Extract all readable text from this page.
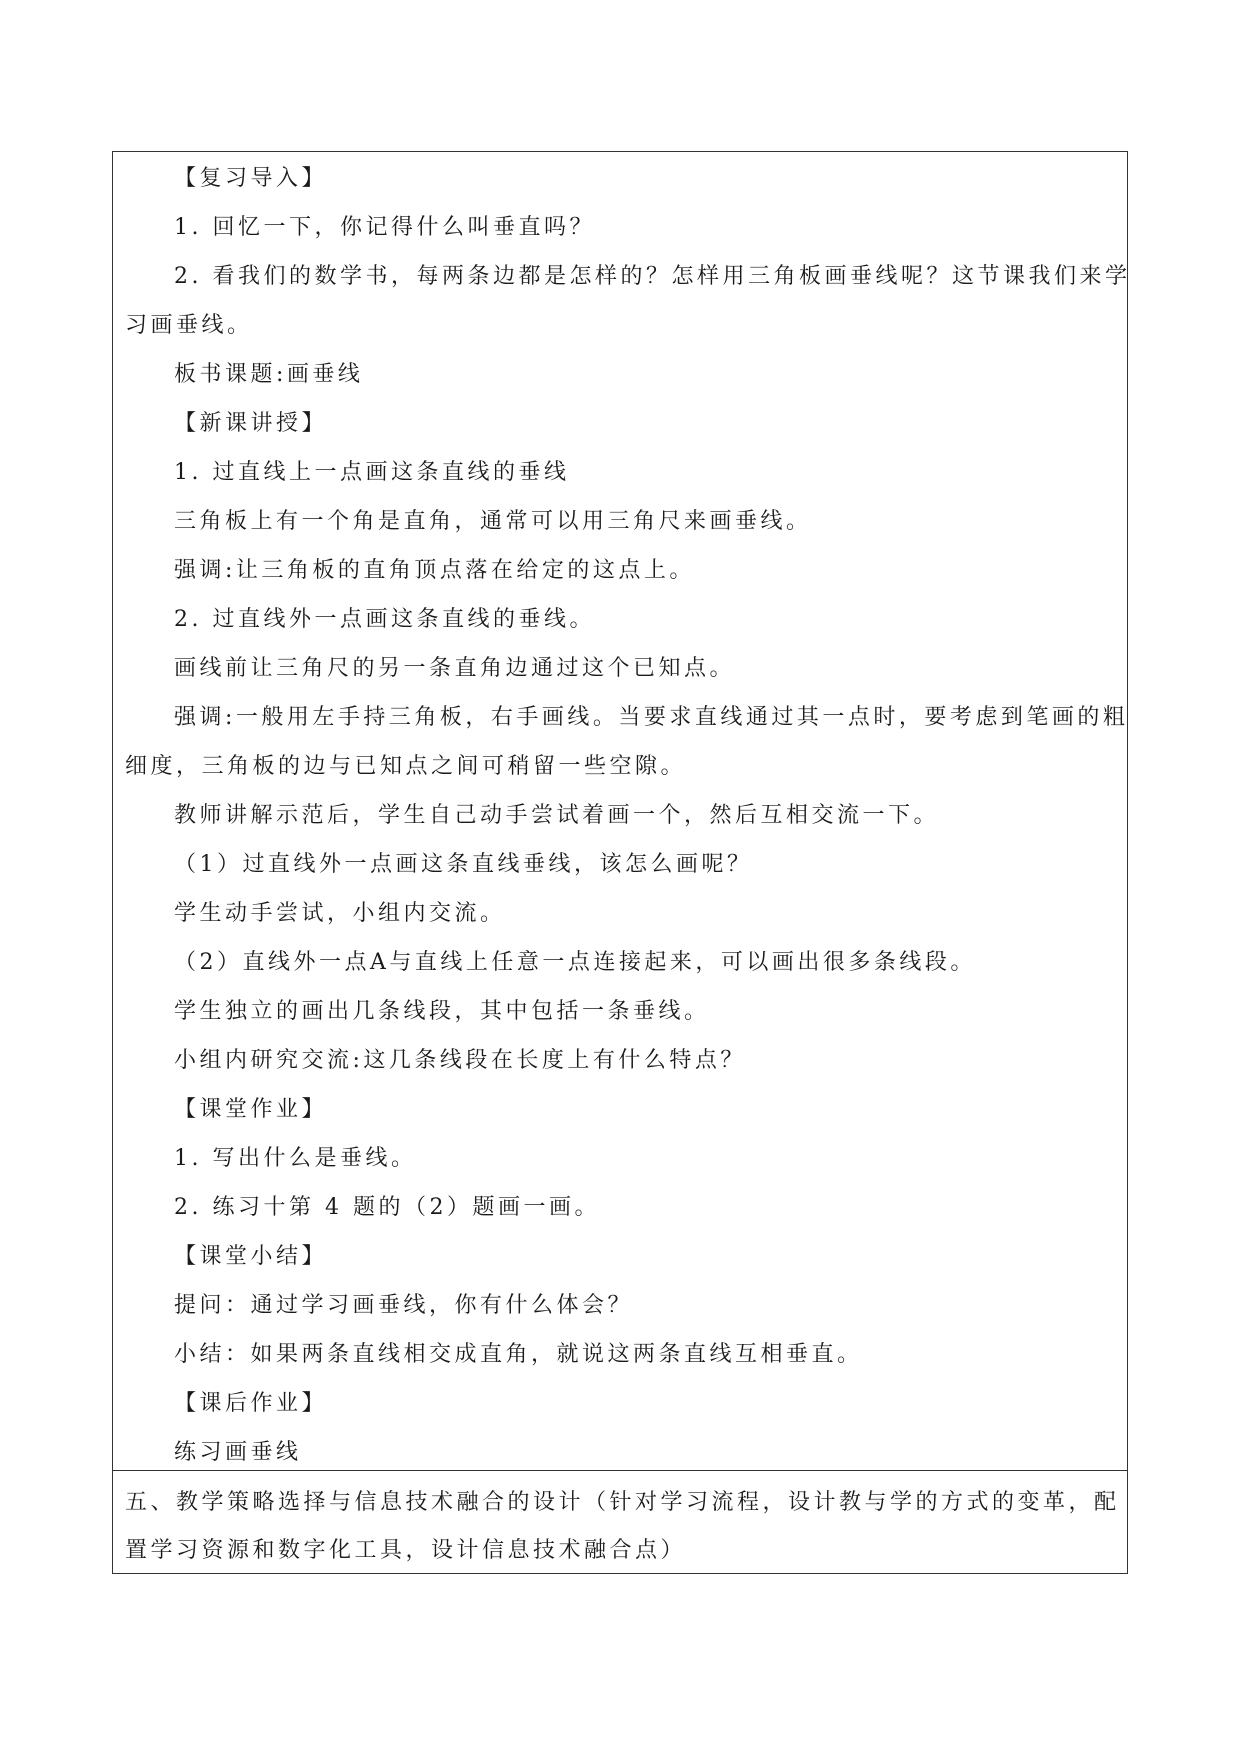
【复习导入】
1. 回忆一下，你记得什么叫垂直吗？
2. 看我们的数学书，每两条边都是怎样的？怎样用三角板画垂线呢？这节课我们来学
习画垂线。
板书课题:画垂线
【新课讲授】
1. 过直线上一点画这条直线的垂线
三角板上有一个角是直角，通常可以用三角尺来画垂线。
强调:让三角板的直角顶点落在给定的这点上。
2. 过直线外一点画这条直线的垂线。
画线前让三角尺的另一条直角边通过这个已知点。
强调:一般用左手持三角板，右手画线。当要求直线通过其一点时，要考虑到笔画的粗
细度，三角板的边与已知点之间可稍留一些空隙。
教师讲解示范后，学生自己动手尝试着画一个，然后互相交流一下。
（1）过直线外一点画这条直线垂线，该怎么画呢？
学生动手尝试，小组内交流。
（2）直线外一点A与直线上任意一点连接起来，可以画出很多条线段。
学生独立的画出几条线段，其中包括一条垂线。
小组内研究交流:这几条线段在长度上有什么特点？
【课堂作业】
1. 写出什么是垂线。
2. 练习十第 4 题的（2）题画一画。
【课堂小结】
提问：通过学习画垂线，你有什么体会？
小结：如果两条直线相交成直角，就说这两条直线互相垂直。
【课后作业】
练习画垂线
五、教学策略选择与信息技术融合的设计（针对学习流程，设计教与学的方式的变革，配
置学习资源和数字化工具，设计信息技术融合点）
